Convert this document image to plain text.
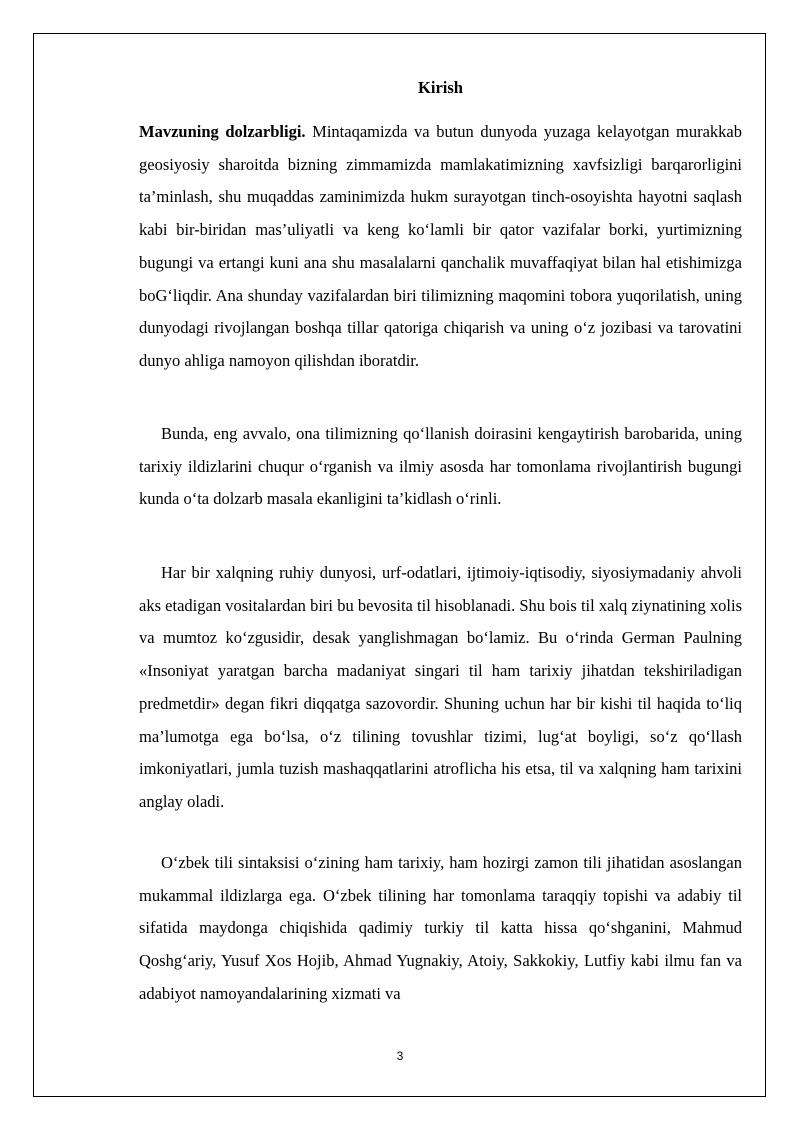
Kirish

Mavzuning dolzarbligi. Mintaqamizda va butun dunyoda yuzaga kelayotgan murakkab geosiyosiy sharoitda bizning zimmamizda mamlakatimizning xavfsizligi barqarorligini ta’minlash, shu muqaddas zaminimizda hukm surayotgan tinch-osoyishta hayotni saqlash kabi bir-biridan mas’uliyatli va keng ko‘lamli bir qator vazifalar borki, yurtimizning bugungi va ertangi kuni ana shu masalalarni qanchalik muvaffaqiyat bilan hal etishimizga boG‘liqdir. Ana shunday vazifalardan biri tilimizning maqomini tobora yuqorilatish, uning dunyodagi rivojlangan boshqa tillar qatoriga chiqarish va uning o‘z jozibasi va tarovatini dunyo ahliga namoyon qilishdan iboratdir.

Bunda, eng avvalo, ona tilimizning qo‘llanish doirasini kengaytirish barobarida, uning tarixiy ildizlarini chuqur o‘rganish va ilmiy asosda har tomonlama rivojlantirish bugungi kunda o‘ta dolzarb masala ekanligini ta’kidlash o‘rinli.

Har bir xalqning ruhiy dunyosi, urf-odatlari, ijtimoiy-iqtisodiy, siyosiymadaniy ahvoli aks etadigan vositalardan biri bu bevosita til hisoblanadi. Shu bois til xalq ziynatining xolis va mumtoz ko‘zgusidir, desak yanglishmagan bo‘lamiz. Bu o‘rinda German Paulning «Insoniyat yaratgan barcha madaniyat singari til ham tarixiy jihatdan tekshiriladigan predmetdir» degan fikri diqqatga sazovordir. Shuning uchun har bir kishi til haqida to‘liq ma’lumotga ega bo‘lsa, o‘z tilining tovushlar tizimi, lug‘at boyligi, so‘z qo‘llash imkoniyatlari, jumla tuzish mashaqqatlarini atroflicha his etsa, til va xalqning ham tarixini anglay oladi.

O‘zbek tili sintaksisi o‘zining ham tarixiy, ham hozirgi zamon tili jihatidan asoslangan mukammal ildizlarga ega. O‘zbek tilining har tomonlama taraqqiy topishi va adabiy til sifatida maydonga chiqishida qadimiy turkiy til katta hissa qo‘shganini, Mahmud Qoshg‘ariy, Yusuf Xos Hojib, Ahmad Yugnakiy, Atoiy, Sakkokiy, Lutfiy kabi ilmu fan va adabiyot namoyandalarining xizmati va

3
